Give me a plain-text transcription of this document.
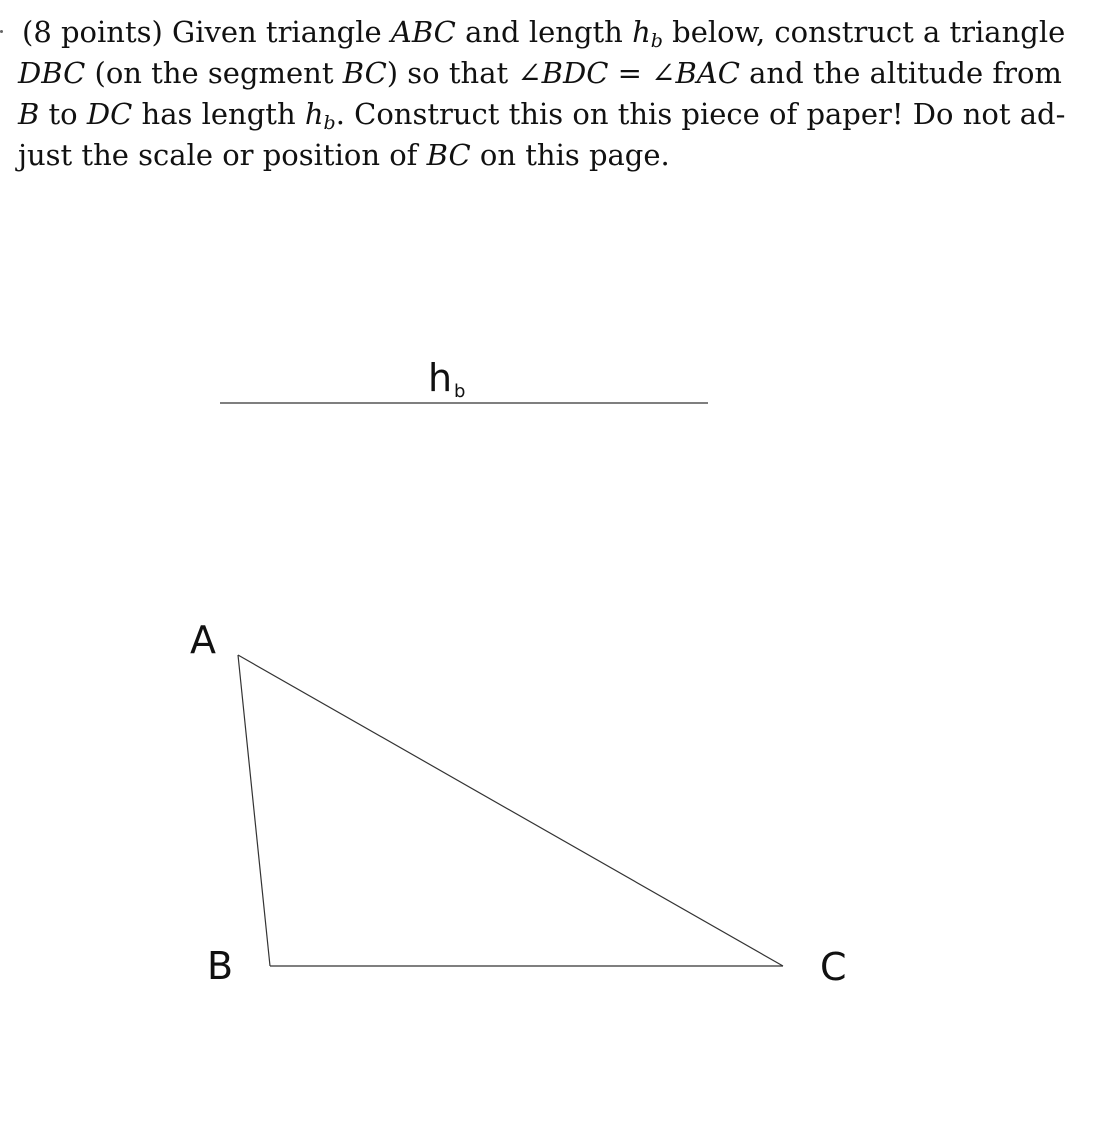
(8 points) Given triangle ABC and length $h_b$ below, construct a triangle
DBC (on the segment BC) so that ∠BDC = ∠BAC and the altitude from
B to DC has length $h_b$. Construct this on this piece of paper! Do not ad-
just the scale or position of BC on this page.
h b
A
B	C
